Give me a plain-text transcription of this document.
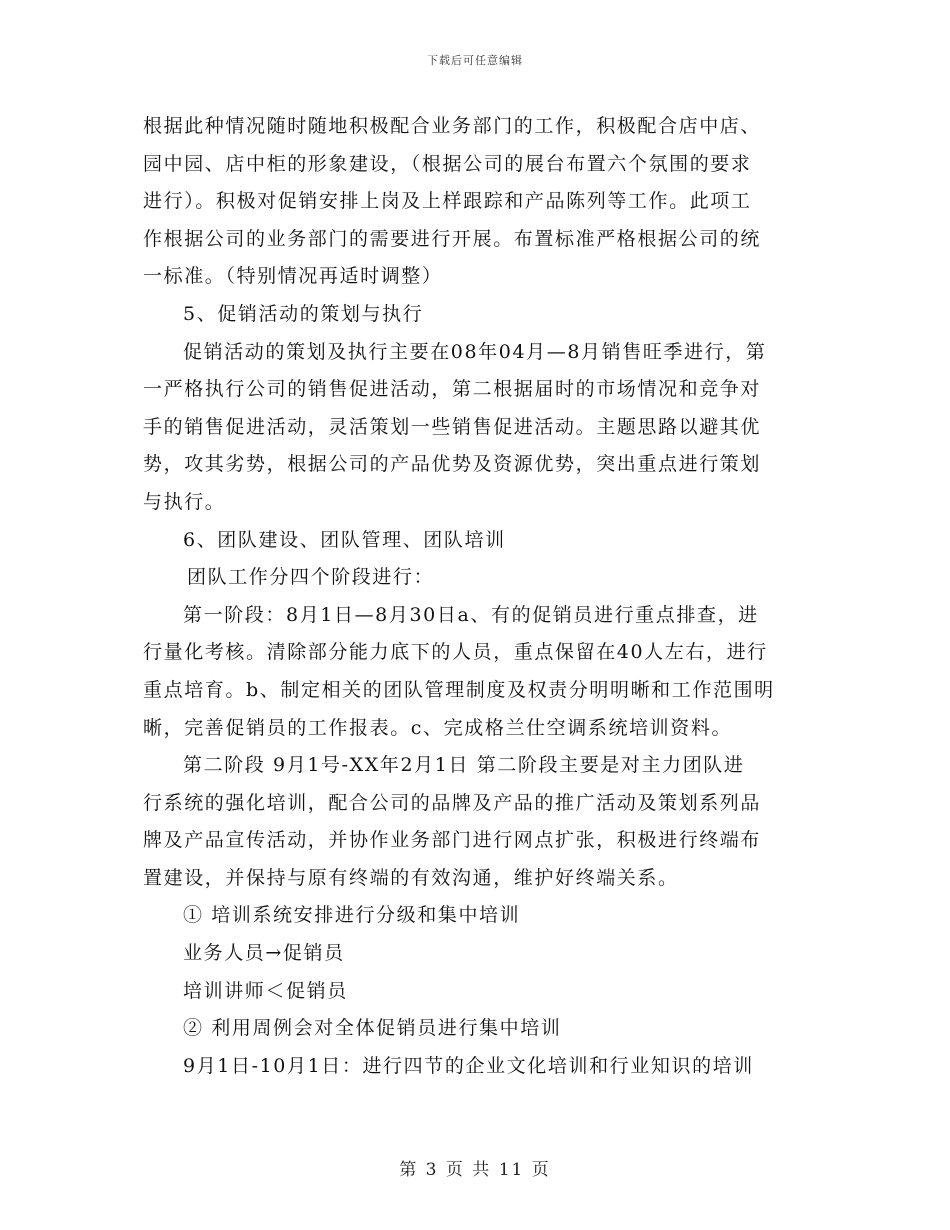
下载后可任意编辑
根据此种情况随时随地积极配合业务部门的工作，积极配合店中店、
园中园、店中柜的形象建设，（根据公司的展台布置六个氛围的要求
进行）。积极对促销安排上岗及上样跟踪和产品陈列等工作。此项工
作根据公司的业务部门的需要进行开展。布置标准严格根据公司的统
一标准。（特别情况再适时调整）
5、促销活动的策划与执行
促销活动的策划及执行主要在08年04月—8月销售旺季进行，第
一严格执行公司的销售促进活动，第二根据届时的市场情况和竞争对
手的销售促进活动，灵活策划一些销售促进活动。主题思路以避其优
势，攻其劣势，根据公司的产品优势及资源优势，突出重点进行策划
与执行。
6、团队建设、团队管理、团队培训
团队工作分四个阶段进行：
第一阶段：8月1日—8月30日a、有的促销员进行重点排查，进
行量化考核。清除部分能力底下的人员，重点保留在40人左右，进行
重点培育。b、制定相关的团队管理制度及权责分明明晰和工作范围明
晰，完善促销员的工作报表。c、完成格兰仕空调系统培训资料。
第二阶段 9月1号-XX年2月1日 第二阶段主要是对主力团队进
行系统的强化培训，配合公司的品牌及产品的推广活动及策划系列品
牌及产品宣传活动，并协作业务部门进行网点扩张，积极进行终端布
置建设，并保持与原有终端的有效沟通，维护好终端关系。
① 培训系统安排进行分级和集中培训
业务人员→促销员
培训讲师＜促销员
② 利用周例会对全体促销员进行集中培训
9月1日-10月1日：进行四节的企业文化培训和行业知识的培训
第 3 页 共 11 页
